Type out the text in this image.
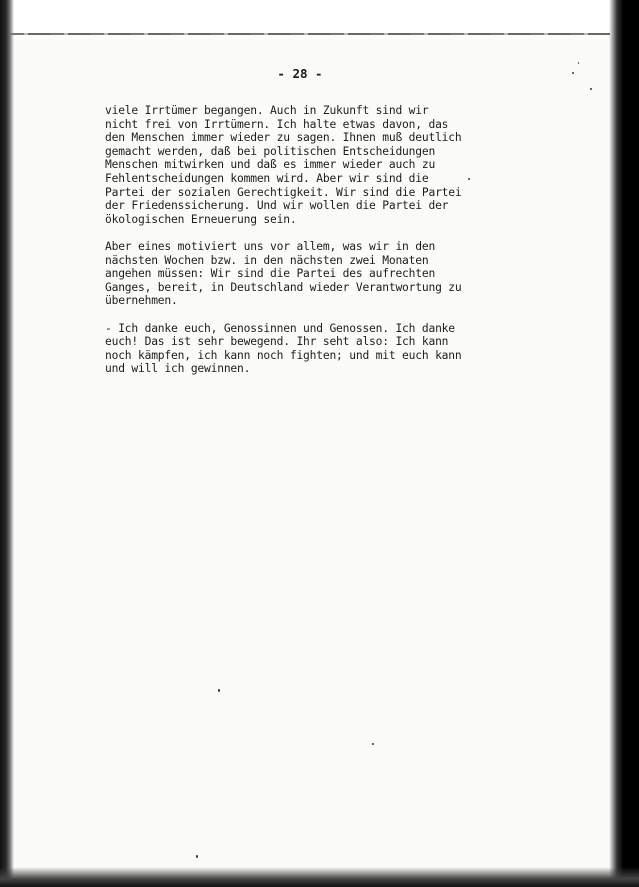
- 28 -

viele Irrtümer begangen. Auch in Zukunft sind wir
nicht frei von Irrtümern. Ich halte etwas davon, das
den Menschen immer wieder zu sagen. Ihnen muß deutlich
gemacht werden, daß bei politischen Entscheidungen
Menschen mitwirken und daß es immer wieder auch zu
Fehlentscheidungen kommen wird. Aber wir sind die
Partei der sozialen Gerechtigkeit. Wir sind die Partei
der Friedenssicherung. Und wir wollen die Partei der
ökologischen Erneuerung sein.

Aber eines motiviert uns vor allem, was wir in den
nächsten Wochen bzw. in den nächsten zwei Monaten
angehen müssen: Wir sind die Partei des aufrechten
Ganges, bereit, in Deutschland wieder Verantwortung zu
übernehmen.

- Ich danke euch, Genossinnen und Genossen. Ich danke
euch! Das ist sehr bewegend. Ihr seht also: Ich kann
noch kämpfen, ich kann noch fighten; und mit euch kann
und will ich gewinnen.
